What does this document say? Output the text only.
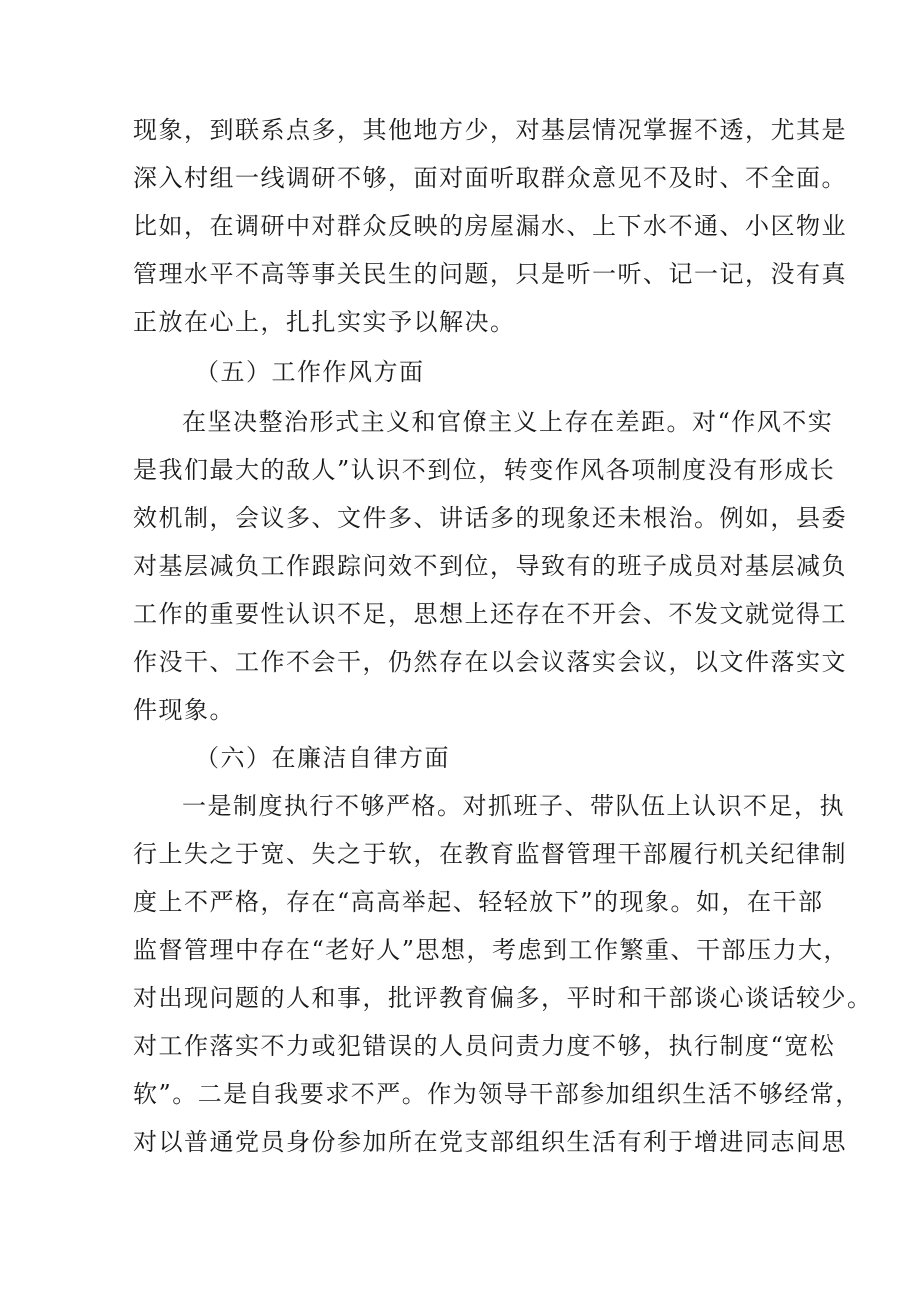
现象，到联系点多，其他地方少，对基层情况掌握不透，尤其是
深入村组一线调研不够，面对面听取群众意见不及时、不全面。
比如，在调研中对群众反映的房屋漏水、上下水不通、小区物业
管理水平不高等事关民生的问题，只是听一听、记一记，没有真
正放在心上，扎扎实实予以解决。
（五）工作作风方面
在坚决整治形式主义和官僚主义上存在差距。对“作风不实
是我们最大的敌人”认识不到位，转变作风各项制度没有形成长
效机制，会议多、文件多、讲话多的现象还未根治。例如，县委
对基层减负工作跟踪问效不到位，导致有的班子成员对基层减负
工作的重要性认识不足，思想上还存在不开会、不发文就觉得工
作没干、工作不会干，仍然存在以会议落实会议，以文件落实文
件现象。
（六）在廉洁自律方面
一是制度执行不够严格。对抓班子、带队伍上认识不足，执
行上失之于宽、失之于软，在教育监督管理干部履行机关纪律制
度上不严格，存在“高高举起、轻轻放下”的现象。如，在干部
监督管理中存在“老好人”思想，考虑到工作繁重、干部压力大，
对出现问题的人和事，批评教育偏多，平时和干部谈心谈话较少。
对工作落实不力或犯错误的人员问责力度不够，执行制度“宽松
软”。二是自我要求不严。作为领导干部参加组织生活不够经常，
对以普通党员身份参加所在党支部组织生活有利于增进同志间思
